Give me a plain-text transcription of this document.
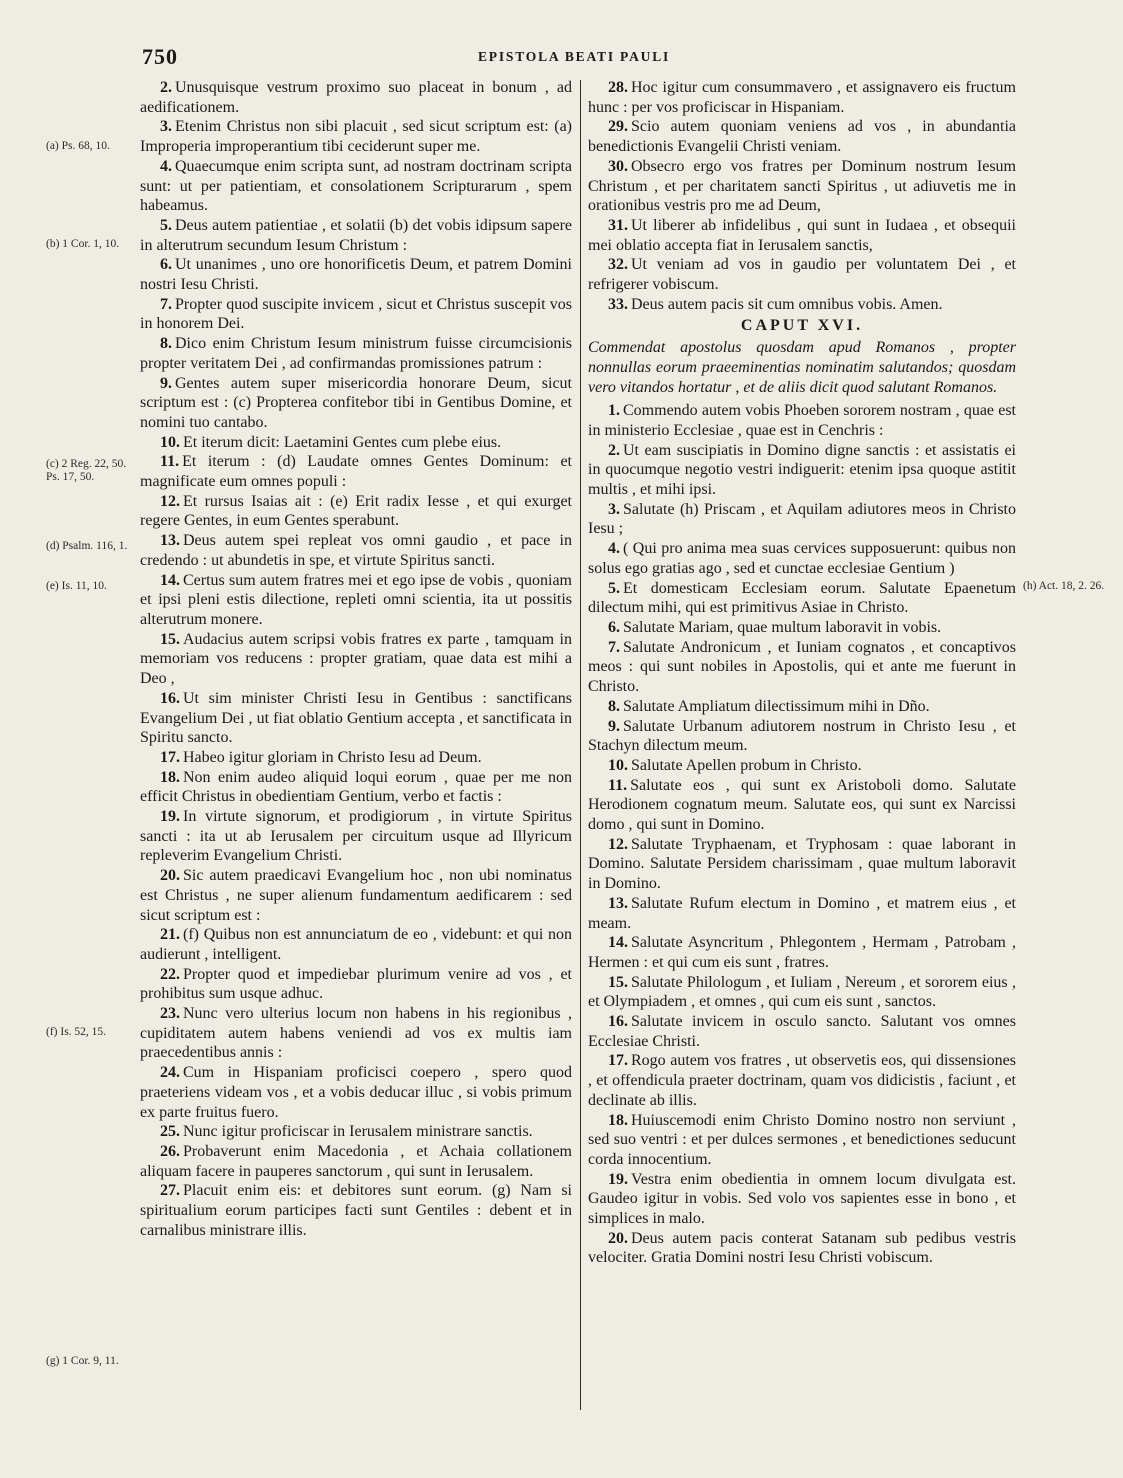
750	EPISTOLA BEATI PAULI

2. Unusquisque vestrum proximo suo placeat in bonum , ad aedificationem.

3. Etenim Christus non sibi placuit , sed sicut scriptum est: (a) Improperia improperantium tibi ceciderunt super me.

4. Quaecumque enim scripta sunt, ad nostram doctrinam scripta sunt: ut per patientiam, et consolationem Scripturarum , spem habeamus.

5. Deus autem patientiae , et solatii (b) det vobis idipsum sapere in alterutrum secundum Iesum Christum :

6. Ut unanimes , uno ore honorificetis Deum, et patrem Domini nostri Iesu Christi.

7. Propter quod suscipite invicem , sicut et Christus suscepit vos in honorem Dei.

8. Dico enim Christum Iesum ministrum fuisse circumcisionis propter veritatem Dei , ad confirmandas promissiones patrum :

9. Gentes autem super misericordia honorare Deum, sicut scriptum est : (c) Propterea confitebor tibi in Gentibus Domine, et nomini tuo cantabo.

10. Et iterum dicit: Laetamini Gentes cum plebe eius.

11. Et iterum : (d) Laudate omnes Gentes Dominum: et magnificate eum omnes populi :

12. Et rursus Isaias ait : (e) Erit radix Iesse , et qui exurget regere Gentes, in eum Gentes sperabunt.

13. Deus autem spei repleat vos omni gaudio , et pace in credendo : ut abundetis in spe, et virtute Spiritus sancti.

14. Certus sum autem fratres mei et ego ipse de vobis , quoniam et ipsi pleni estis dilectione, repleti omni scientia, ita ut possitis alterutrum monere.

15. Audacius autem scripsi vobis fratres ex parte , tamquam in memoriam vos reducens : propter gratiam, quae data est mihi a Deo ,

16. Ut sim minister Christi Iesu in Gentibus : sanctificans Evangelium Dei , ut fiat oblatio Gentium accepta , et sanctificata in Spiritu sancto.

17. Habeo igitur gloriam in Christo Iesu ad Deum.

18. Non enim audeo aliquid loqui eorum , quae per me non efficit Christus in obedientiam Gentium, verbo et factis :

19. In virtute signorum, et prodigiorum , in virtute Spiritus sancti : ita ut ab Ierusalem per circuitum usque ad Illyricum repleverim Evangelium Christi.

20. Sic autem praedicavi Evangelium hoc , non ubi nominatus est Christus , ne super alienum fundamentum aedificarem : sed sicut scriptum est :

21. (f) Quibus non est annunciatum de eo , videbunt: et qui non audierunt , intelligent.

22. Propter quod et impediebar plurimum venire ad vos , et prohibitus sum usque adhuc.

23. Nunc vero ulterius locum non habens in his regionibus , cupiditatem autem habens veniendi ad vos ex multis iam praecedentibus annis :

24. Cum in Hispaniam proficisci coepero , spero quod praeteriens videam vos , et a vobis deducar illuc , si vobis primum ex parte fruitus fuero.

25. Nunc igitur proficiscar in Ierusalem ministrare sanctis.

26. Probaverunt enim Macedonia , et Achaia collationem aliquam facere in pauperes sanctorum , qui sunt in Ierusalem.

27. Placuit enim eis: et debitores sunt eorum. (g) Nam si spiritualium eorum participes facti sunt Gentiles : debent et in carnalibus ministrare illis.

28. Hoc igitur cum consummavero , et assignavero eis fructum hunc : per vos proficiscar in Hispaniam.

29. Scio autem quoniam veniens ad vos , in abundantia benedictionis Evangelii Christi veniam.

30. Obsecro ergo vos fratres per Dominum nostrum Iesum Christum , et per charitatem sancti Spiritus , ut adiuvetis me in orationibus vestris pro me ad Deum,

31. Ut liberer ab infidelibus , qui sunt in Iudaea , et obsequii mei oblatio accepta fiat in Ierusalem sanctis,

32. Ut veniam ad vos in gaudio per voluntatem Dei , et refrigerer vobiscum.

33. Deus autem pacis sit cum omnibus vobis. Amen.

CAPUT XVI.

Commendat apostolus quosdam apud Romanos , propter nonnullas eorum praeeminentias nominatim salutandos; quosdam vero vitandos hortatur , et de aliis dicit quod salutant Romanos.

1. Commendo autem vobis Phoeben sororem nostram , quae est in ministerio Ecclesiae , quae est in Cenchris :

2. Ut eam suscipiatis in Domino digne sanctis : et assistatis ei in quocumque negotio vestri indiguerit: etenim ipsa quoque astitit multis , et mihi ipsi.

3. Salutate (h) Priscam , et Aquilam adiutores meos in Christo Iesu ;

4. ( Qui pro anima mea suas cervices supposuerunt: quibus non solus ego gratias ago , sed et cunctae ecclesiae Gentium )

5. Et domesticam Ecclesiam eorum. Salutate Epaenetum dilectum mihi, qui est primitivus Asiae in Christo.

6. Salutate Mariam, quae multum laboravit in vobis.

7. Salutate Andronicum , et Iuniam cognatos , et concaptivos meos : qui sunt nobiles in Apostolis, qui et ante me fuerunt in Christo.

8. Salutate Ampliatum dilectissimum mihi in Dño.

9. Salutate Urbanum adiutorem nostrum in Christo Iesu , et Stachyn dilectum meum.

10. Salutate Apellen probum in Christo.

11. Salutate eos , qui sunt ex Aristoboli domo. Salutate Herodionem cognatum meum. Salutate eos, qui sunt ex Narcissi domo , qui sunt in Domino.

12. Salutate Tryphaenam, et Tryphosam : quae laborant in Domino. Salutate Persidem charissimam , quae multum laboravit in Domino.

13. Salutate Rufum electum in Domino , et matrem eius , et meam.

14. Salutate Asyncritum , Phlegontem , Hermam , Patrobam , Hermen : et qui cum eis sunt , fratres.

15. Salutate Philologum , et Iuliam , Nereum , et sororem eius , et Olympiadem , et omnes , qui cum eis sunt , sanctos.

16. Salutate invicem in osculo sancto. Salutant vos omnes Ecclesiae Christi.

17. Rogo autem vos fratres , ut observetis eos, qui dissensiones , et offendicula praeter doctrinam, quam vos didicistis , faciunt , et declinate ab illis.

18. Huiuscemodi enim Christo Domino nostro non serviunt , sed suo ventri : et per dulces sermones , et benedictiones seducunt corda innocentium.

19. Vestra enim obedientia in omnem locum divulgata est. Gaudeo igitur in vobis. Sed volo vos sapientes esse in bono , et simplices in malo.

20. Deus autem pacis conterat Satanam sub pedibus vestris velociter. Gratia Domini nostri Iesu Christi vobiscum.

(a) Ps. 68, 10.
(b) 1 Cor. 1, 10.
(c) 2 Reg. 22, 50. Ps. 17, 50.
(d) Psalm. 116, 1.
(e) Is. 11, 10.
(f) Is. 52, 15.
(g) 1 Cor. 9, 11.
(h) Act. 18, 2. 26.
